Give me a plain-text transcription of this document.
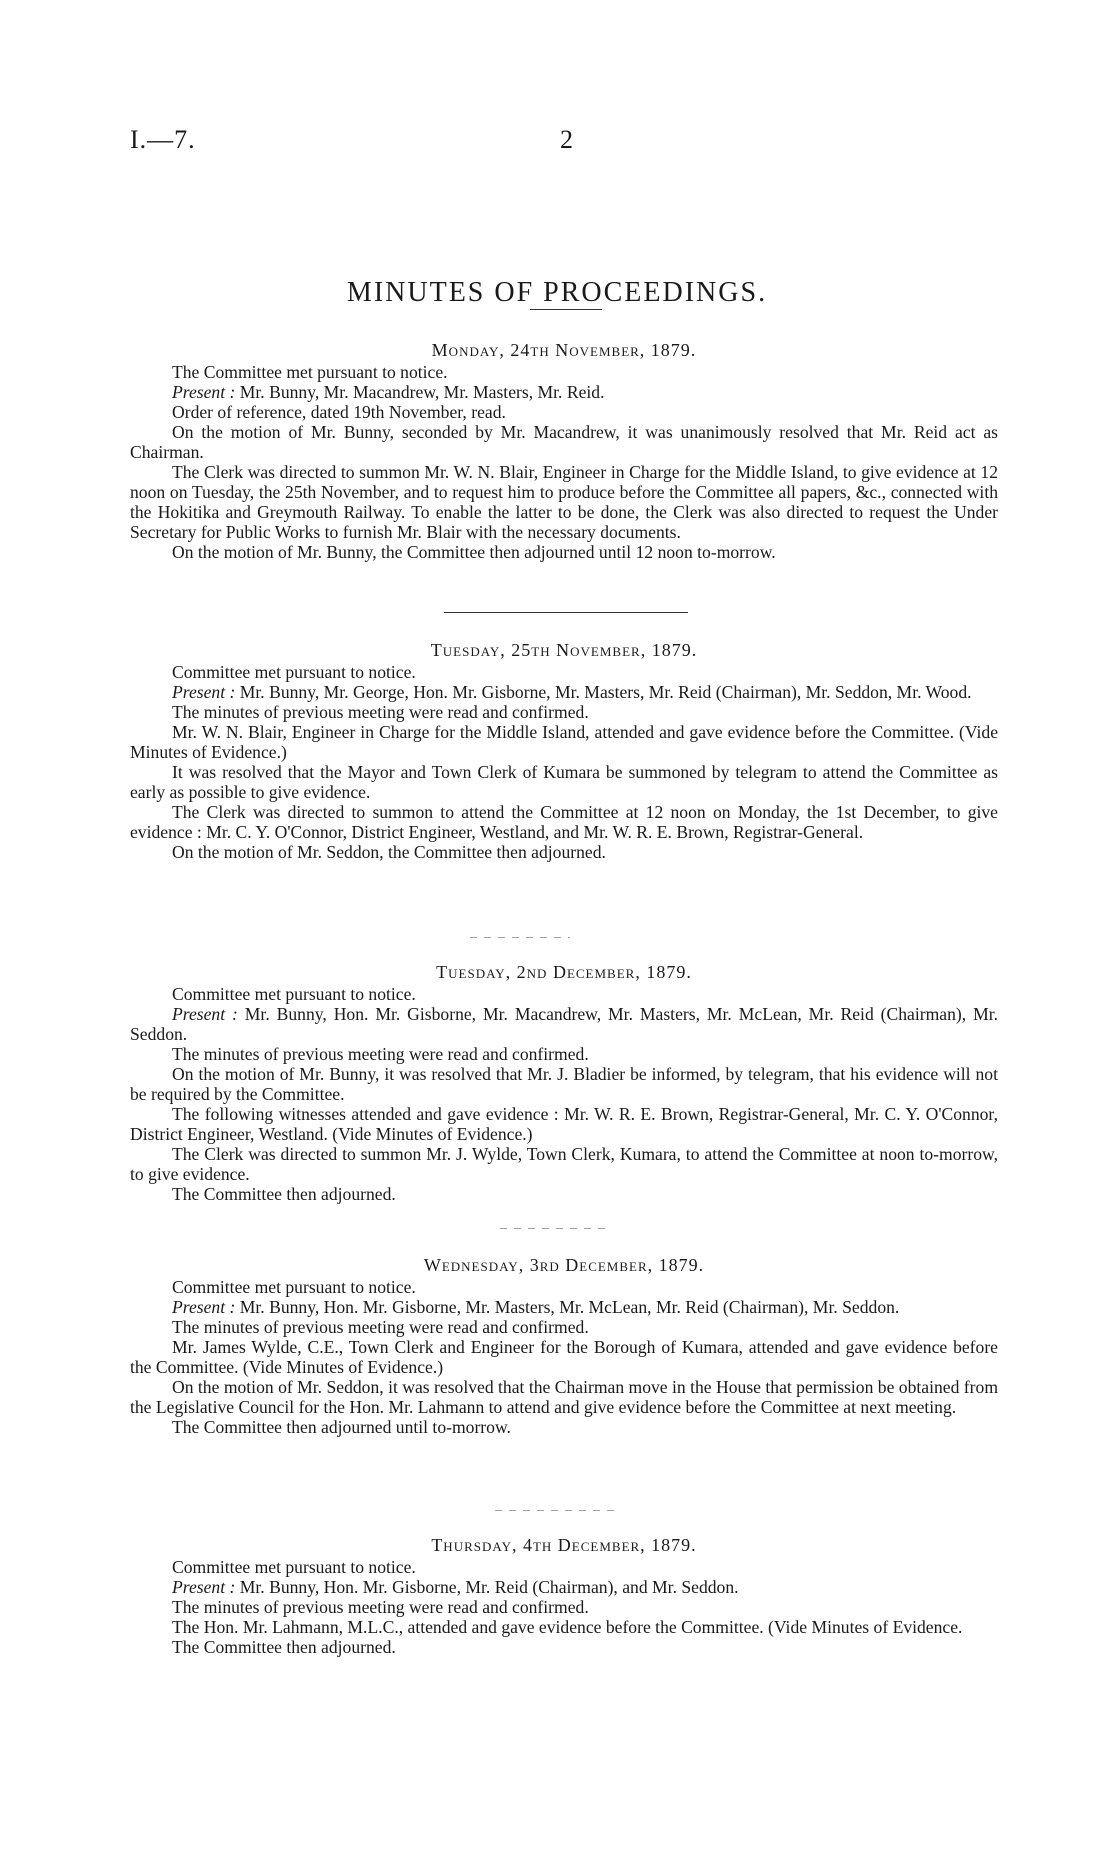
I.—7.	2
MINUTES OF PROCEEDINGS.
Monday, 24th November, 1879.

The Committee met pursuant to notice.

Present : Mr. Bunny, Mr. Macandrew, Mr. Masters, Mr. Reid.

Order of reference, dated 19th November, read.

On the motion of Mr. Bunny, seconded by Mr. Macandrew, it was unanimously resolved that Mr. Reid act as Chairman.

The Clerk was directed to summon Mr. W. N. Blair, Engineer in Charge for the Middle Island, to give evidence at 12 noon on Tuesday, the 25th November, and to request him to produce before the Committee all papers, &c., connected with the Hokitika and Greymouth Railway. To enable the latter to be done, the Clerk was also directed to request the Under Secretary for Public Works to furnish Mr. Blair with the necessary documents.

On the motion of Mr. Bunny, the Committee then adjourned until 12 noon to-morrow.

Tuesday, 25th November, 1879.

Committee met pursuant to notice.

Present : Mr. Bunny, Mr. George, Hon. Mr. Gisborne, Mr. Masters, Mr. Reid (Chairman), Mr. Seddon, Mr. Wood.

The minutes of previous meeting were read and confirmed.

Mr. W. N. Blair, Engineer in Charge for the Middle Island, attended and gave evidence before the Committee. (Vide Minutes of Evidence.)

It was resolved that the Mayor and Town Clerk of Kumara be summoned by telegram to attend the Committee as early as possible to give evidence.

The Clerk was directed to summon to attend the Committee at 12 noon on Monday, the 1st December, to give evidence : Mr. C. Y. O'Connor, District Engineer, Westland, and Mr. W. R. E. Brown, Registrar-General.

On the motion of Mr. Seddon, the Committee then adjourned.

Tuesday, 2nd December, 1879.

Committee met pursuant to notice.

Present : Mr. Bunny, Hon. Mr. Gisborne, Mr. Macandrew, Mr. Masters, Mr. McLean, Mr. Reid (Chairman), Mr. Seddon.

The minutes of previous meeting were read and confirmed.

On the motion of Mr. Bunny, it was resolved that Mr. J. Bladier be informed, by telegram, that his evidence will not be required by the Committee.

The following witnesses attended and gave evidence : Mr. W. R. E. Brown, Registrar-General, Mr. C. Y. O'Connor, District Engineer, Westland. (Vide Minutes of Evidence.)

The Clerk was directed to summon Mr. J. Wylde, Town Clerk, Kumara, to attend the Committee at noon to-morrow, to give evidence.

The Committee then adjourned.

Wednesday, 3rd December, 1879.

Committee met pursuant to notice.

Present : Mr. Bunny, Hon. Mr. Gisborne, Mr. Masters, Mr. McLean, Mr. Reid (Chairman), Mr. Seddon.

The minutes of previous meeting were read and confirmed.

Mr. James Wylde, C.E., Town Clerk and Engineer for the Borough of Kumara, attended and gave evidence before the Committee. (Vide Minutes of Evidence.)

On the motion of Mr. Seddon, it was resolved that the Chairman move in the House that permission be obtained from the Legislative Council for the Hon. Mr. Lahmann to attend and give evidence before the Committee at next meeting.

The Committee then adjourned until to-morrow.

Thursday, 4th December, 1879.

Committee met pursuant to notice.

Present : Mr. Bunny, Hon. Mr. Gisborne, Mr. Reid (Chairman), and Mr. Seddon.

The minutes of previous meeting were read and confirmed.

The Hon. Mr. Lahmann, M.L.C., attended and gave evidence before the Committee. (Vide Minutes of Evidence.

The Committee then adjourned.
